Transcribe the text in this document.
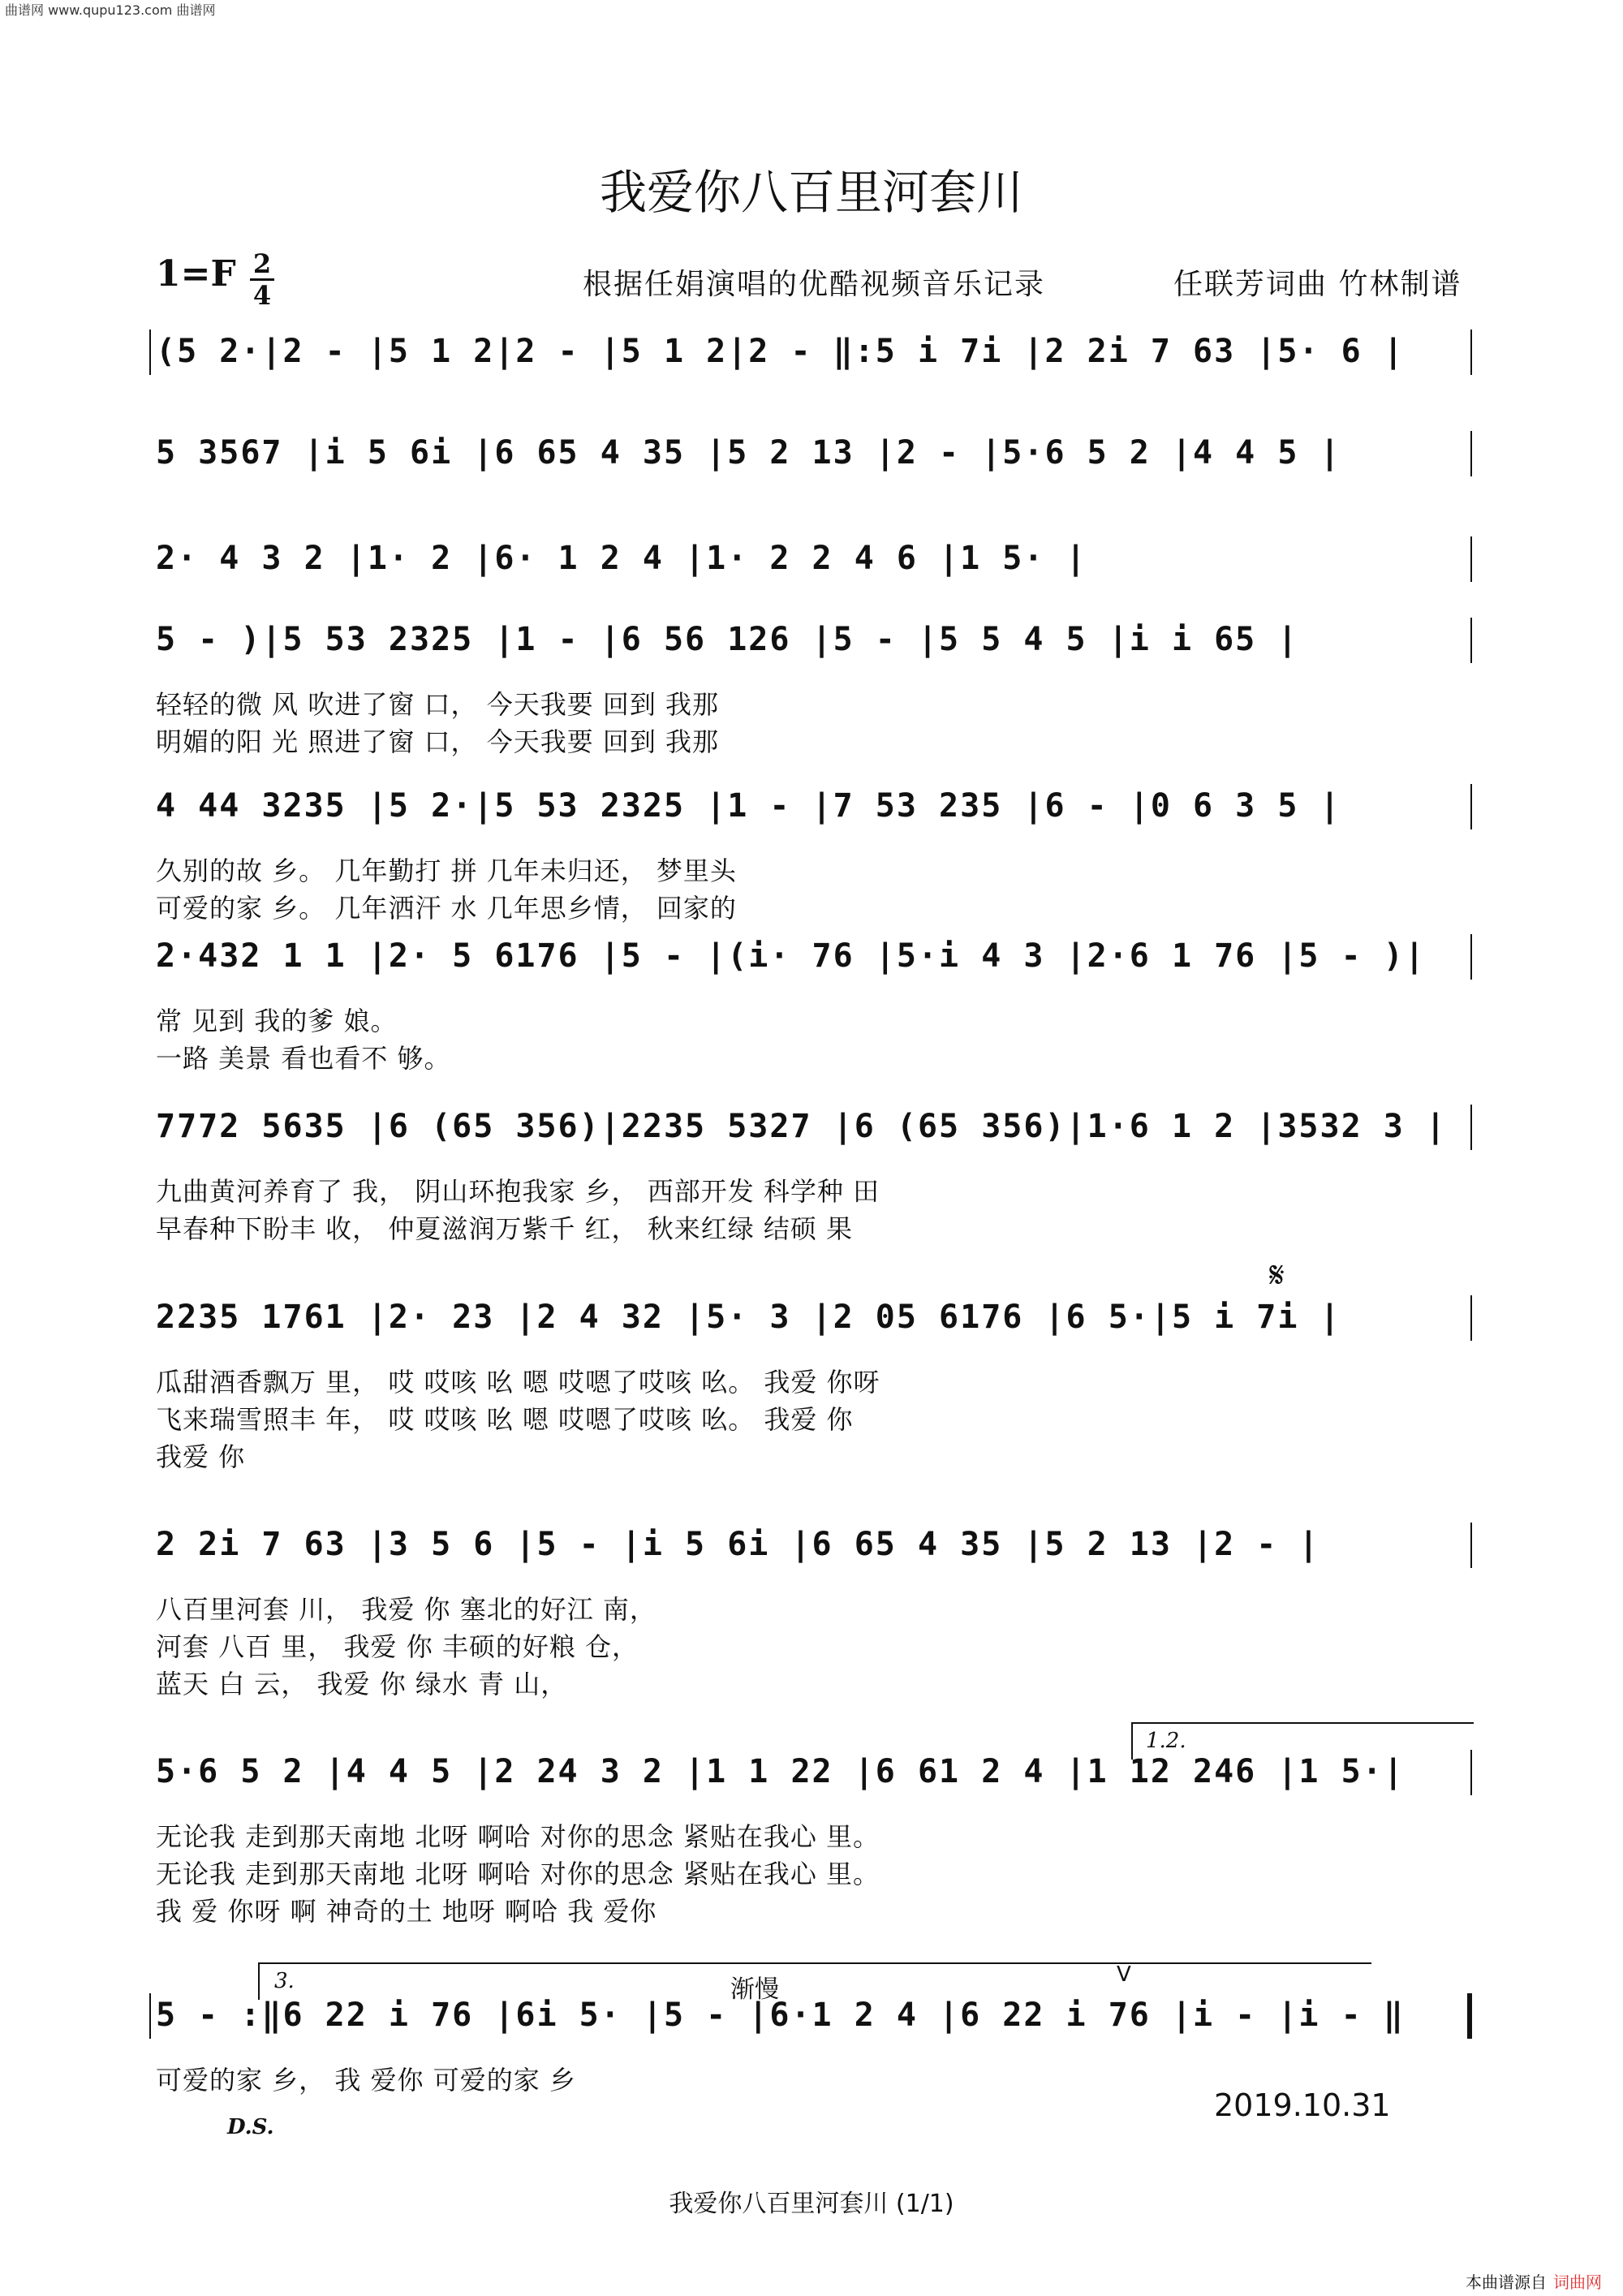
曲谱网 www.qupu123.com 曲谱网
我爱你八百里河套川
1=F 2
4	根据任娟演唱的优酷视频音乐记录	任联芳词曲 竹林制谱
(5 2·|2 - |5 1 2|2 - |5 1 2|2 - ‖:5 i 7i |2 2i 7 63 |5· 6 |
5 3567 |i 5 6i |6 65 4 35 |5 2 13 |2 - |5·6 5 2 |4 4 5 |
2· 4 3 2 |1· 2 |6· 1 2 4 |1· 2 2 4 6 |1 5· |
5 - )|5 53 2325 |1 - |6 56 126 |5 - |5 5 4 5 |i i 65 |
轻轻的微 风 吹进了窗 口， 今天我要 回到 我那
明媚的阳 光 照进了窗 口， 今天我要 回到 我那
4 44 3235 |5 2·|5 53 2325 |1 - |7 53 235 |6 - |0 6 3 5 |
久别的故 乡。 几年勤打 拼 几年未归还， 梦里头
可爱的家 乡。 几年洒汗 水 几年思乡情， 回家的
2·432 1 1 |2· 5 6176 |5 - |(i· 76 |5·i 4 3 |2·6 1 76 |5 - )|
常 见到 我的爹 娘。
一路 美景 看也看不 够。
7772 5635 |6 (65 356)|2235 5327 |6 (65 356)|1·6 1 2 |3532 3 |
九曲黄河养育了 我， 阴山环抱我家 乡， 西部开发 科学种 田
早春种下盼丰 收， 仲夏滋润万紫千 红， 秋来红绿 结硕 果
2235 1761 |2· 23 |2 4 32 |5· 3 |2 05 6176 |6 5·|5 i 7i |
瓜甜酒香飘万 里， 哎 哎咳 吆 嗯 哎嗯了哎咳 吆。 我爱 你呀
飞来瑞雪照丰 年， 哎 哎咳 吆 嗯 哎嗯了哎咳 吆。 我爱 你
我爱 你
2 2i 7 63 |3 5 6 |5 - |i 5 6i |6 65 4 35 |5 2 13 |2 - |
八百里河套 川， 我爱 你 塞北的好江 南，
河套 八百 里， 我爱 你 丰硕的好粮 仓，
蓝天 白 云， 我爱 你 绿水 青 山，
5·6 5 2 |4 4 5 |2 24 3 2 |1 1 22 |6 61 2 4 |1 12 246 |1 5·|
无论我 走到那天南地 北呀 啊哈 对你的思念 紧贴在我心 里。
无论我 走到那天南地 北呀 啊哈 对你的思念 紧贴在我心 里。
我 爱 你呀 啊 神奇的土 地呀 啊哈 我 爱你
5 - :‖6 22 i 76 |6i 5· |5 - |6·1 2 4 |6 22 i 76 |i - |i - ‖
可爱的家 乡， 我 爱你 可爱的家 乡
1.2.
3.	渐慢
V
𝄋
D.S.
2019.10.31
我爱你八百里河套川 (1/1)
本曲谱源自 词曲网
